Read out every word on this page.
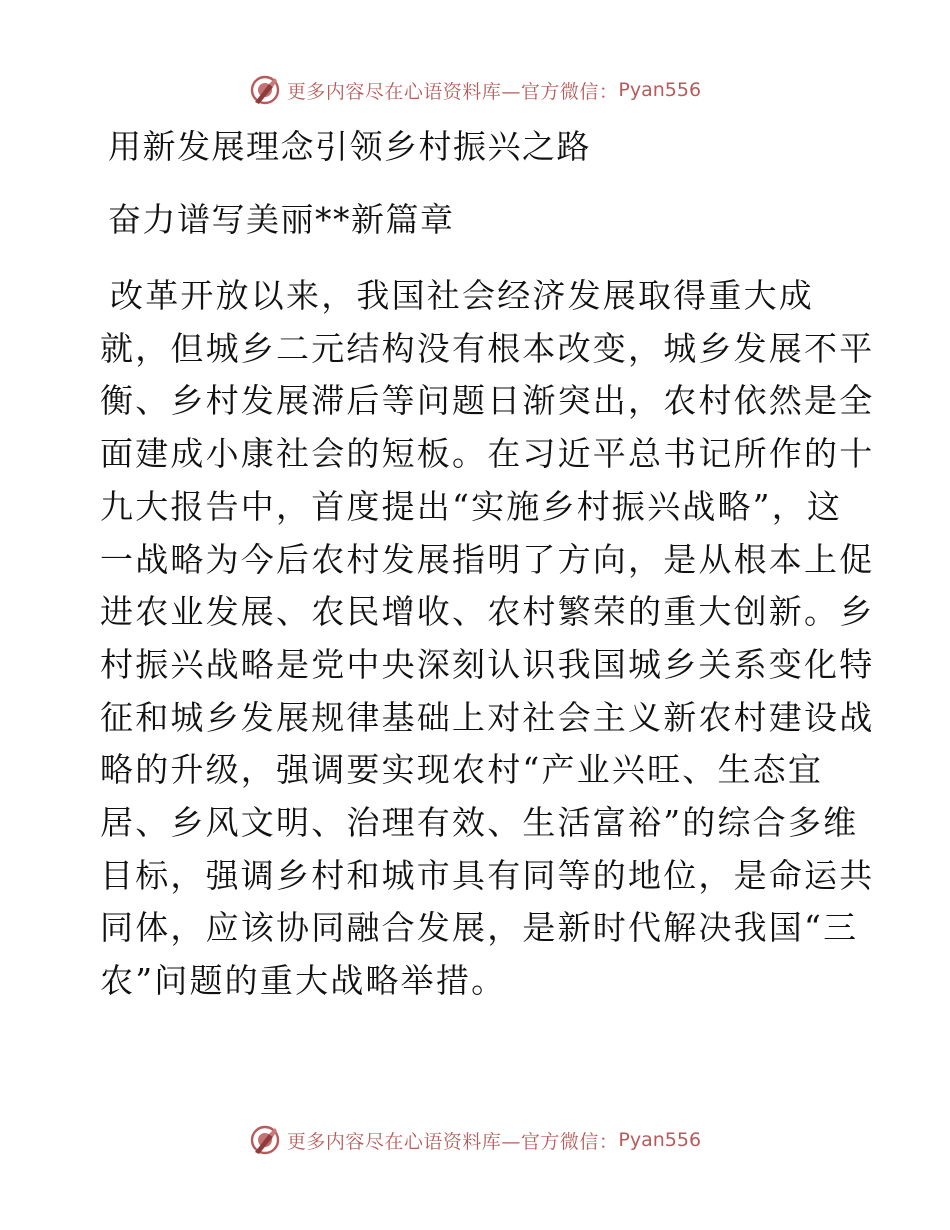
更多内容尽在心语资料库—官方微信： Pyan556
用新发展理念引领乡村振兴之路
奋力谱写美丽**新篇章
改革开放以来，我国社会经济发展取得重大成
就，但城乡二元结构没有根本改变，城乡发展不平
衡、乡村发展滞后等问题日渐突出，农村依然是全
面建成小康社会的短板。在习近平总书记所作的十
九大报告中，首度提出“实施乡村振兴战略”，这
一战略为今后农村发展指明了方向，是从根本上促
进农业发展、农民增收、农村繁荣的重大创新。乡
村振兴战略是党中央深刻认识我国城乡关系变化特
征和城乡发展规律基础上对社会主义新农村建设战
略的升级，强调要实现农村“产业兴旺、生态宜
居、乡风文明、治理有效、生活富裕”的综合多维
目标，强调乡村和城市具有同等的地位，是命运共
同体，应该协同融合发展，是新时代解决我国“三
农”问题的重大战略举措。
更多内容尽在心语资料库—官方微信： Pyan556
